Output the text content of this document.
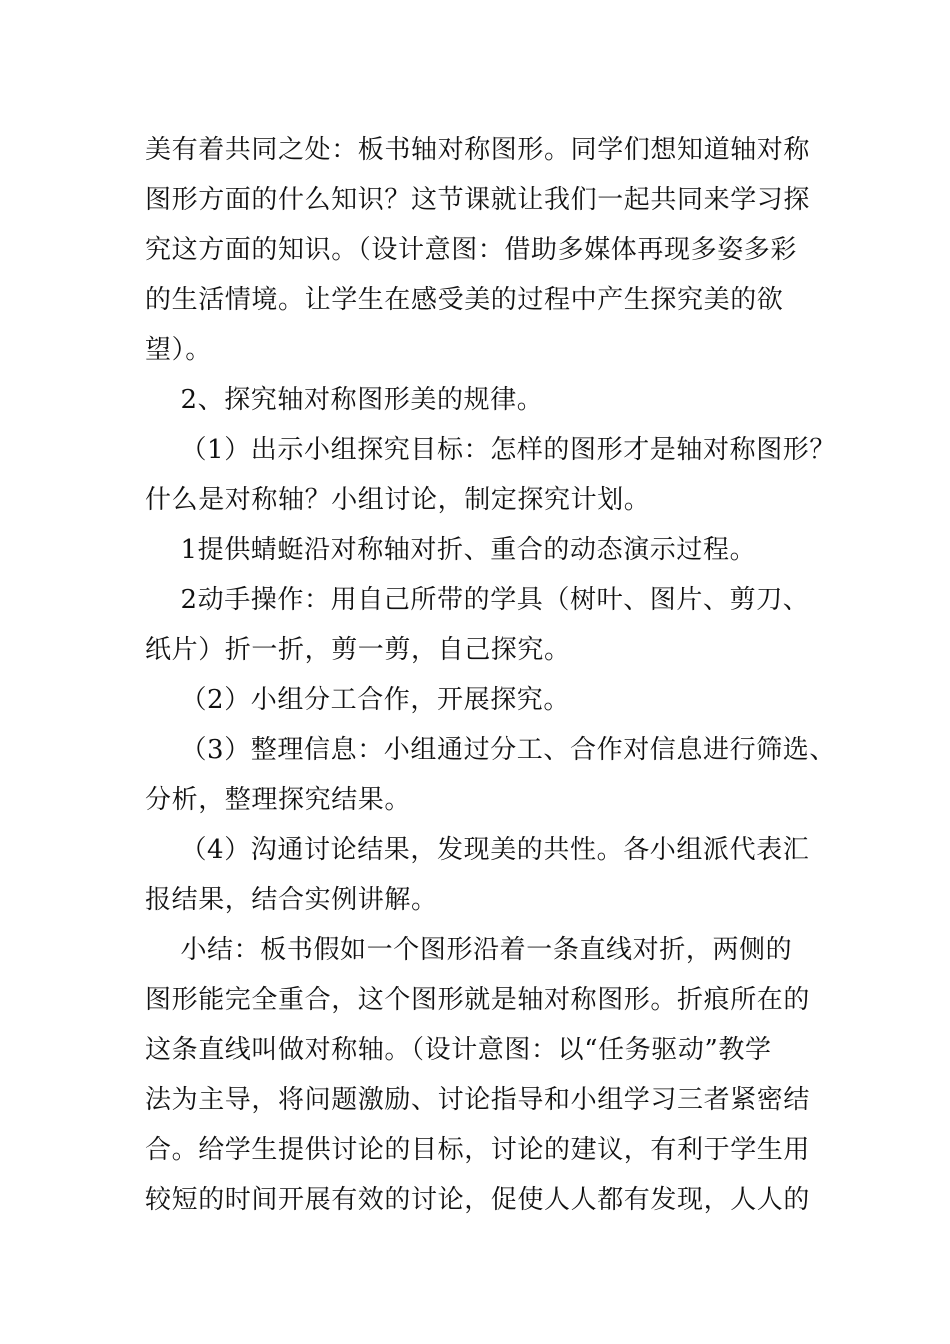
美有着共同之处：板书轴对称图形。同学们想知道轴对称
图形方面的什么知识？这节课就让我们一起共同来学习探
究这方面的知识。（设计意图：借助多媒体再现多姿多彩
的生活情境。让学生在感受美的过程中产生探究美的欲
望）。
2、探究轴对称图形美的规律。
（1）出示小组探究目标：怎样的图形才是轴对称图形？
什么是对称轴？小组讨论，制定探究计划。
1提供蜻蜓沿对称轴对折、重合的动态演示过程。
2动手操作：用自己所带的学具（树叶、图片、剪刀、
纸片）折一折，剪一剪，自己探究。
（2）小组分工合作，开展探究。
（3）整理信息：小组通过分工、合作对信息进行筛选、
分析，整理探究结果。
（4）沟通讨论结果，发现美的共性。各小组派代表汇
报结果，结合实例讲解。
小结：板书假如一个图形沿着一条直线对折，两侧的
图形能完全重合，这个图形就是轴对称图形。折痕所在的
这条直线叫做对称轴。（设计意图：以“任务驱动”教学
法为主导，将问题激励、讨论指导和小组学习三者紧密结
合。给学生提供讨论的目标，讨论的建议，有利于学生用
较短的时间开展有效的讨论，促使人人都有发现，人人的
